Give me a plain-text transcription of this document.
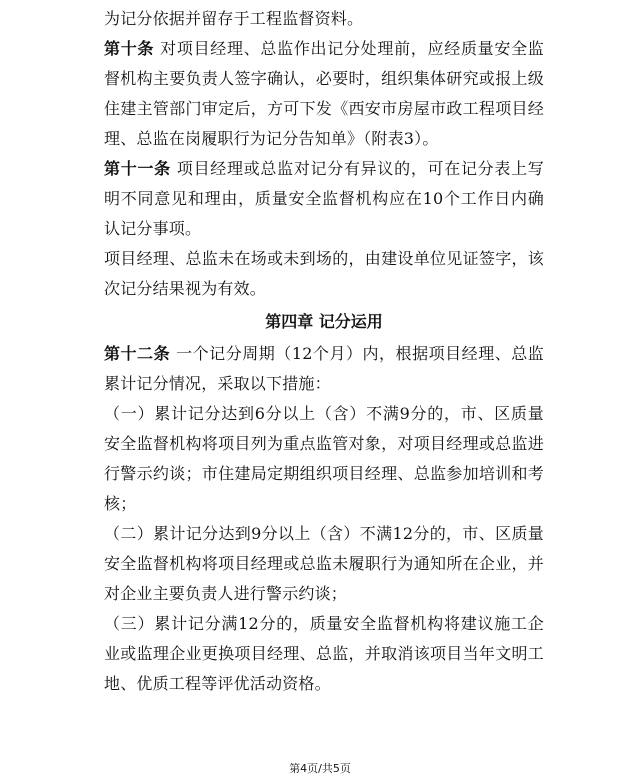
为记分依据并留存于工程监督资料。

第十条 对项目经理、总监作出记分处理前，应经质量安全监督机构主要负责人签字确认，必要时，组织集体研究或报上级住建主管部门审定后，方可下发《西安市房屋市政工程项目经理、总监在岗履职行为记分告知单》（附表3）。

第十一条 项目经理或总监对记分有异议的，可在记分表上写明不同意见和理由，质量安全监督机构应在10个工作日内确认记分事项。

项目经理、总监未在场或未到场的，由建设单位见证签字，该次记分结果视为有效。

第四章 记分运用

第十二条 一个记分周期（12个月）内，根据项目经理、总监累计记分情况，采取以下措施：

（一）累计记分达到6分以上（含）不满9分的，市、区质量安全监督机构将项目列为重点监管对象，对项目经理或总监进行警示约谈；市住建局定期组织项目经理、总监参加培训和考核；

（二）累计记分达到9分以上（含）不满12分的，市、区质量安全监督机构将项目经理或总监未履职行为通知所在企业，并对企业主要负责人进行警示约谈；

（三）累计记分满12分的，质量安全监督机构将建议施工企业或监理企业更换项目经理、总监，并取消该项目当年文明工地、优质工程等评优活动资格。

第4页/共5页
